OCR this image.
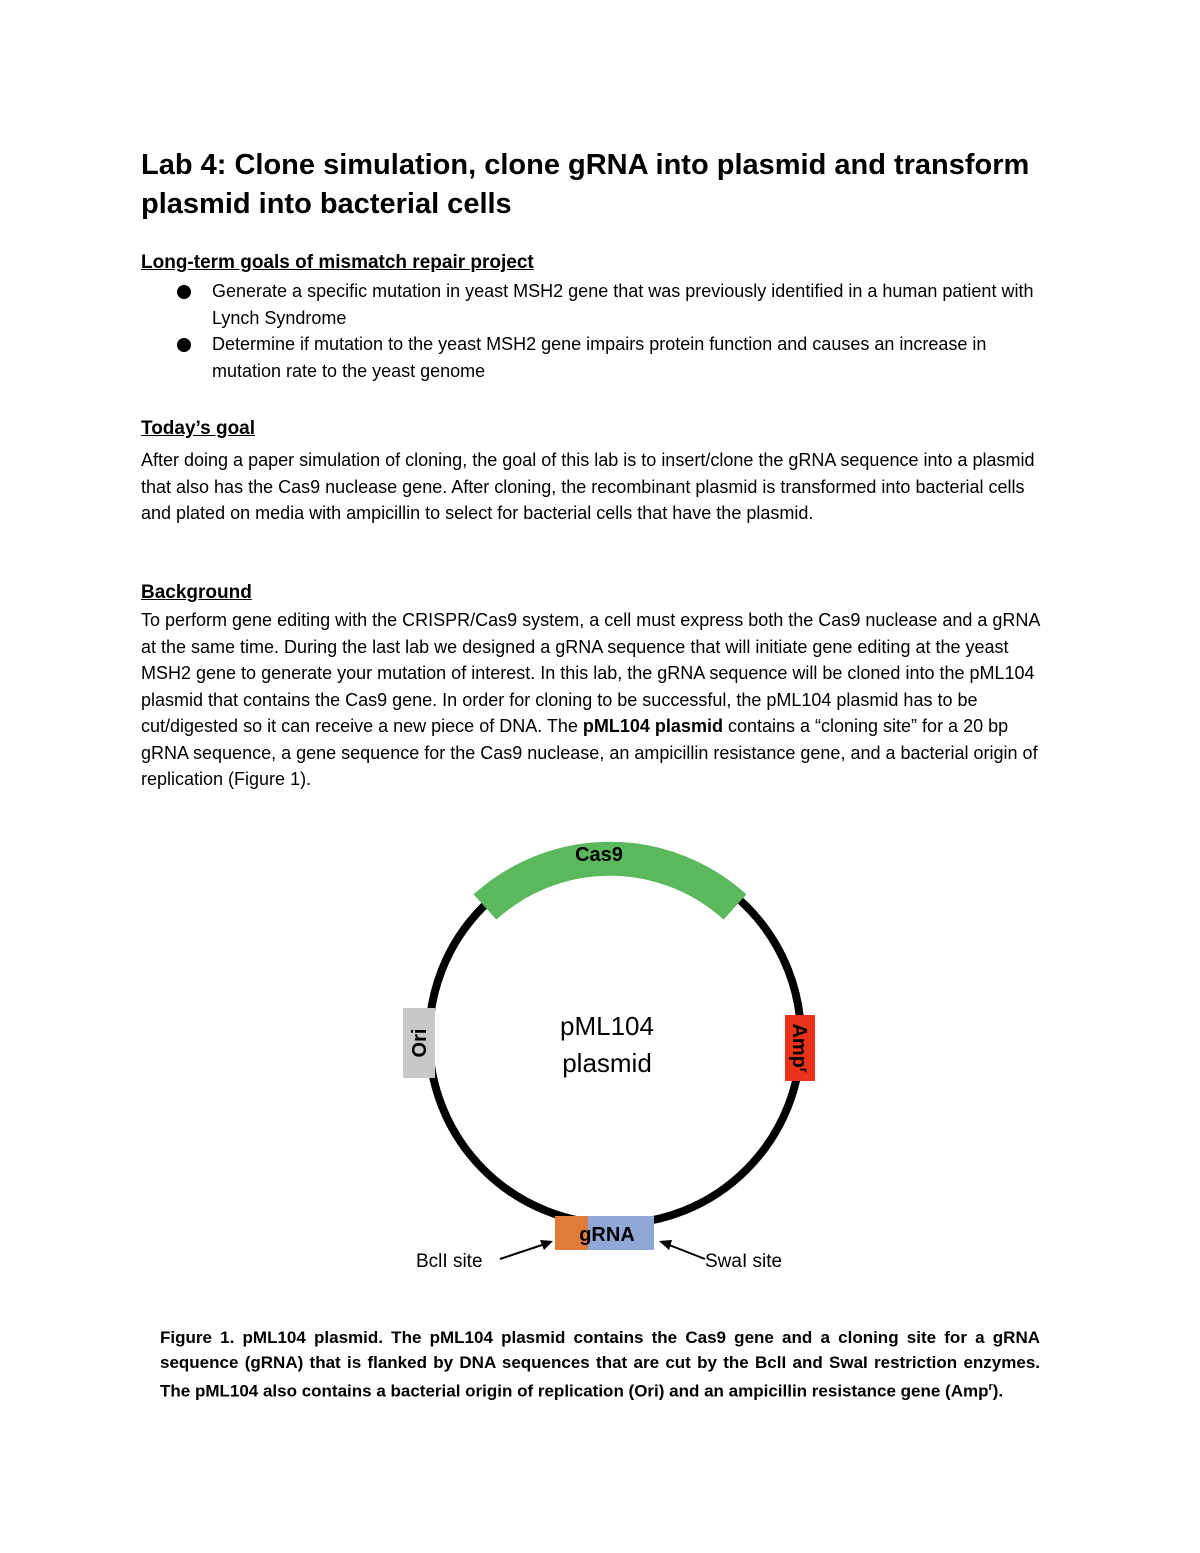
Lab 4: Clone simulation, clone gRNA into plasmid and transform plasmid into bacterial cells
Long-term goals of mismatch repair project
Generate a specific mutation in yeast MSH2 gene that was previously identified in a human patient with Lynch Syndrome
Determine if mutation to the yeast MSH2 gene impairs protein function and causes an increase in mutation rate to the yeast genome
Today’s goal

After doing a paper simulation of cloning, the goal of this lab is to insert/clone the gRNA sequence into a plasmid that also has the Cas9 nuclease gene. After cloning, the recombinant plasmid is transformed into bacterial cells and plated on media with ampicillin to select for bacterial cells that have the plasmid.

Background

To perform gene editing with the CRISPR/Cas9 system, a cell must express both the Cas9 nuclease and a gRNA at the same time. During the last lab we designed a gRNA sequence that will initiate gene editing at the yeast MSH2 gene to generate your mutation of interest. In this lab, the gRNA sequence will be cloned into the pML104 plasmid that contains the Cas9 gene. In order for cloning to be successful, the pML104 plasmid has to be cut/digested so it can receive a new piece of DNA. The pML104 plasmid contains a “cloning site” for a 20 bp gRNA sequence, a gene sequence for the Cas9 nuclease, an ampicillin resistance gene, and a bacterial origin of replication (Figure 1).

Cas9
Ori	Amp$^r$
pML104
plasmid
gRNA
BclI site	SwaI site

Figure 1. pML104 plasmid. The pML104 plasmid contains the Cas9 gene and a cloning site for a gRNA sequence (gRNA) that is flanked by DNA sequences that are cut by the BclI and SwaI restriction enzymes. The pML104 also contains a bacterial origin of replication (Ori) and an ampicillin resistance gene (Amp$^r$).
